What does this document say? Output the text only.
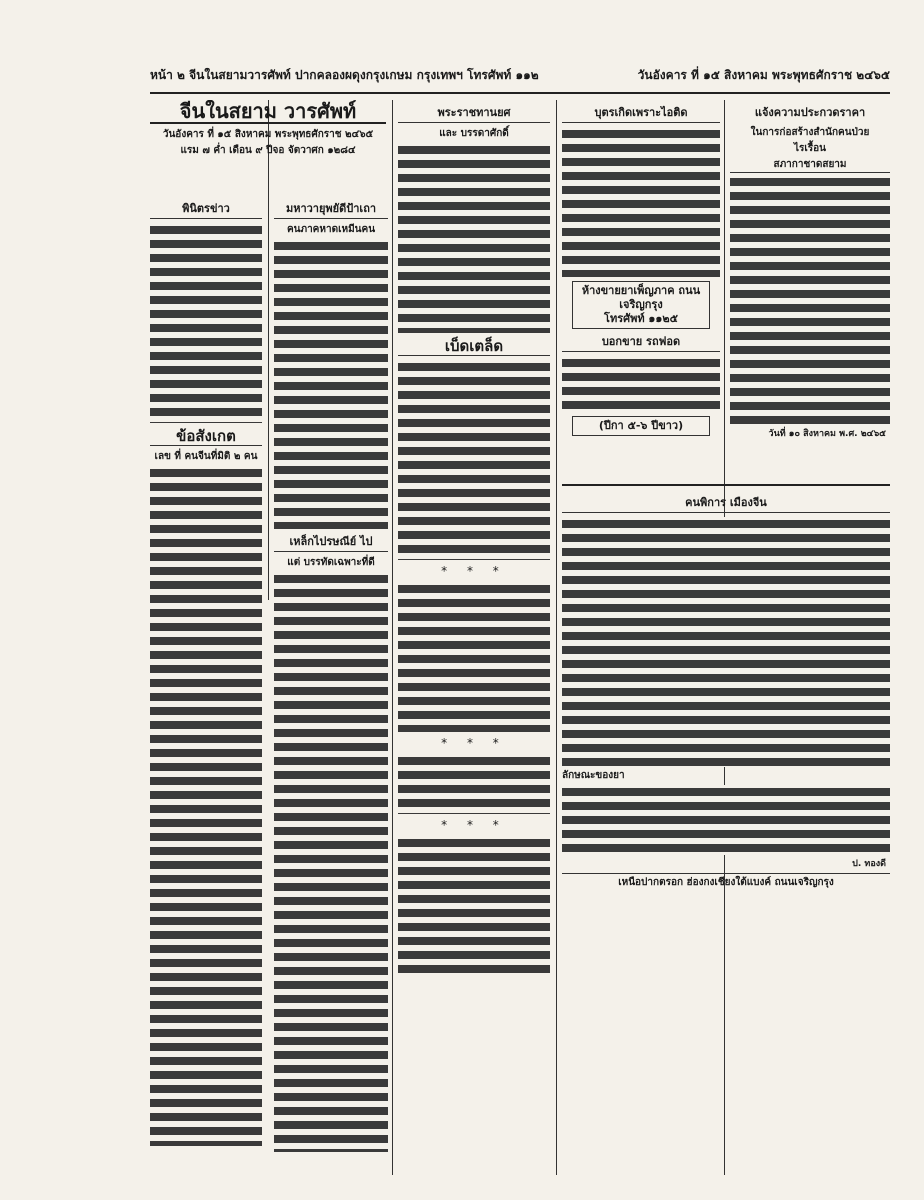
หน้า ๒ จีนในสยามวารศัพท์ ปากคลองผดุงกรุงเกษม กรุงเทพฯ โทรศัพท์ ๑๑๒	วันอังคาร ที่ ๑๕ สิงหาคม พระพุทธศักราช ๒๔๖๕
จีนในสยาม วารศัพท์
วันอังคาร ที่ ๑๕ สิงหาคม พระพุทธศักราช ๒๔๖๕
แรม ๗ ค่ำ เดือน ๙ ปีจอ จัตวาศก ๑๒๘๔
พินิตรข่าว

ข้อสังเกต
เลข ที่ คนจีนที่มิติ ๒ คน

มหาวายุพยัดีป้าเถา
คนภาคหาดเหมีนคน

เหล็กไปรษณีย์ ไป
แต่ บรรทัดเฉพาะที่ดี

พระราชทานยศ
และ บรรดาศักดิ์

เบ็ดเตล็ด

* * *

* * *

* * *

บุตรเกิดเพราะไอติด

ห้างขายยาเพ็ญภาค ถนนเจริญกรุง
โทรศัพท์ ๑๑๒๕
บอกขาย รถฟอด

(ปีกา ๕-๖ ปีขาว)
แจ้งความประกวดราคา
ในการก่อสร้างสำนักคนป่วย
ไรเรื้อน
สภากาชาดสยาม

วันที่ ๑๐ สิงหาคม พ.ศ. ๒๔๖๕
คนพิการ เมืองจีน

ลักษณะของยา

ป. ทองดี
เหนือปากตรอก ฮ่องกงเชียงใต้แบงค์ ถนนเจริญกรุง
